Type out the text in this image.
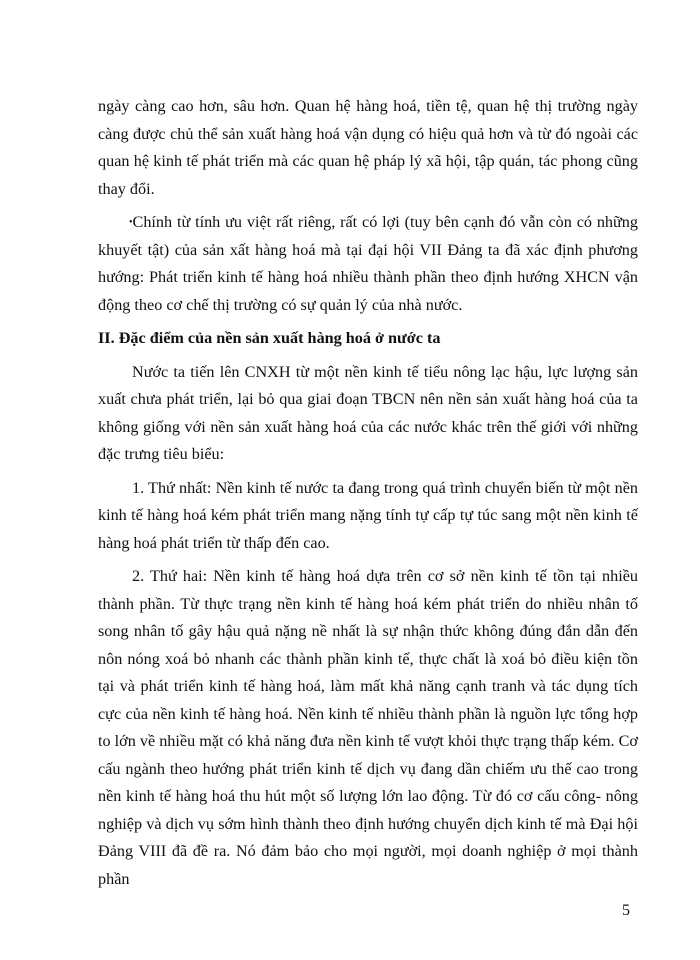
ngày càng cao hơn, sâu hơn. Quan hệ hàng hoá, tiền tệ, quan hệ thị trường ngày càng được chủ thể sản xuất hàng hoá vận dụng có hiệu quả hơn và từ đó ngoài các quan hệ kinh tế phát triển mà các quan hệ pháp lý xã hội, tập quán, tác phong cũng thay đổi.

•Chính từ tính ưu việt rất riêng, rất có lợi (tuy bên cạnh đó vẫn còn có những khuyết tật) của sản xất hàng hoá mà tại đại hội VII Đảng ta đã xác định phương hướng: Phát triển kinh tế hàng hoá nhiều thành phần theo định hướng XHCN vận động theo cơ chế thị trường có sự quản lý của nhà nước.

II. Đặc điểm của nền sản xuất hàng hoá ở nước ta

Nước ta tiến lên CNXH từ một nền kinh tế tiểu nông lạc hậu, lực lượng sản xuất chưa phát triển, lại bỏ qua giai đoạn TBCN nên nền sản xuất hàng hoá của ta không giống với nền sản xuất hàng hoá của các nước khác trên thế giới với những đặc trưng tiêu biểu:

1. Thứ nhất: Nền kinh tế nước ta đang trong quá trình chuyển biến từ một nền kinh tế hàng hoá kém phát triển mang nặng tính tự cấp tự túc sang một nền kinh tế hàng hoá phát triển từ thấp đến cao.

2. Thứ hai: Nền kinh tế hàng hoá dựa trên cơ sở nền kinh tế tồn tại nhiều thành phần. Từ thực trạng nền kinh tế hàng hoá kém phát triển do nhiều nhân tố song nhân tố gây hậu quả nặng nề nhất là sự nhận thức không đúng đắn dẫn đến nôn nóng xoá bỏ nhanh các thành phần kinh tế, thực chất là xoá bỏ điều kiện tồn tại và phát triển kinh tế hàng hoá, làm mất khả năng cạnh tranh và tác dụng tích cực của nền kinh tế hàng hoá. Nền kinh tế nhiều thành phần là nguồn lực tổng hợp to lớn về nhiều mặt có khả năng đưa nền kinh tế vượt khỏi thực trạng thấp kém. Cơ cấu ngành theo hướng phát triển kinh tế dịch vụ đang dần chiếm ưu thế cao trong nền kinh tế hàng hoá thu hút một số lượng lớn lao động. Từ đó cơ cấu công- nông nghiệp và dịch vụ sớm hình thành theo định hướng chuyển dịch kinh tế mà Đại hội Đảng VIII đã đề ra. Nó đảm bảo cho mọi người, mọi doanh nghiệp ở mọi thành phần

5
